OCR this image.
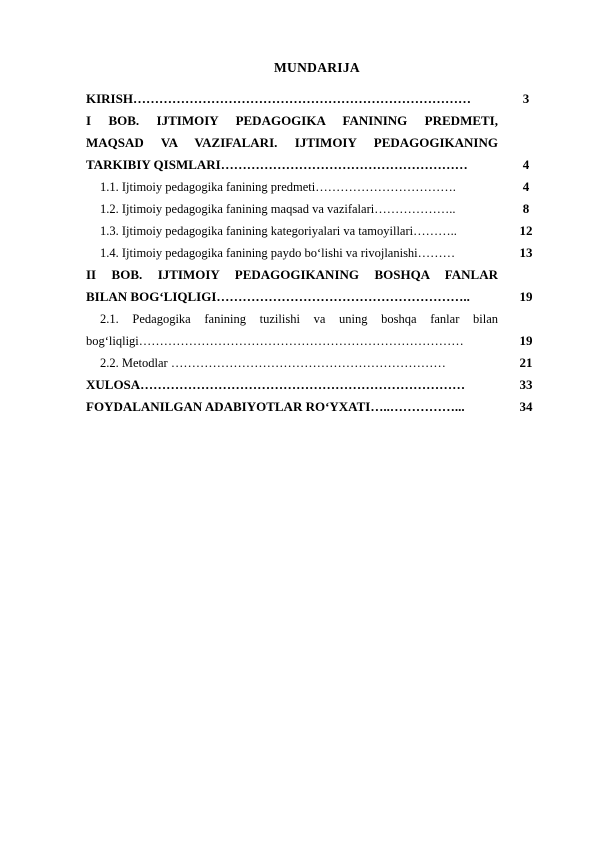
MUNDARIJA
KIRISH……………………………………………………………………	3
I BOB. IJTIMOIY PEDAGOGIKA FANINING PREDMETI,
MAQSAD VA VAZIFALARI. IJTIMOIY PEDAGOGIKANING
TARKIBIY QISMLARI…………………………………………………	4
1.1. Ijtimoiy pedagogika fanining predmeti…………………………….	4
1.2. Ijtimoiy pedagogika fanining maqsad va vazifalari………………..	8
1.3. Ijtimoiy pedagogika fanining kategoriyalari va tamoyillari………..	12
1.4. Ijtimoiy pedagogika fanining paydo bo‘lishi va rivojlanishi………	13
II BOB. IJTIMOIY PEDAGOGIKANING BOSHQA FANLAR
BILAN BOG‘LIQLIGI…………………………………………………..	19
2.1. Pedagogika fanining tuzilishi va uning boshqa fanlar bilan
bog‘liqligi……………………………………………………………………	19
2.2. Metodlar …………………………………………………………	21
XULOSA…………………………………………………………………	33
FOYDALANILGAN ADABIYOTLAR RO‘YXATI…..……………...	34
